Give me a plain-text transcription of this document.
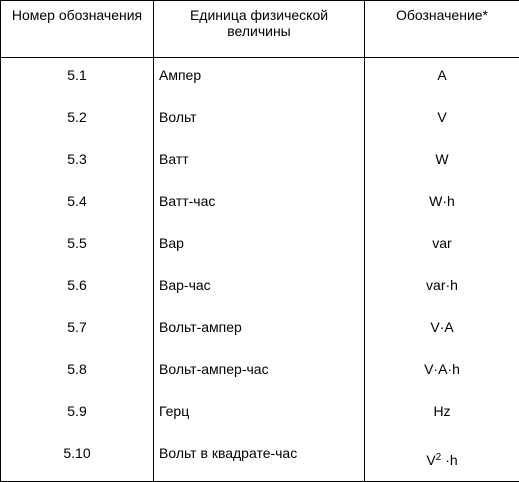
Номер обозначения	Единица физической величины	Обозначение*
5.1	Ампер	A
5.2	Вольт	V
5.3	Ватт	W
5.4	Ватт-час	W·h
5.5	Вар	var
5.6	Вар-час	var·h
5.7	Вольт-ампер	V·A
5.8	Вольт-ампер-час	V·A·h
5.9	Герц	Hz
5.10	Вольт в квадрате-час	$V^2 \cdot h$
